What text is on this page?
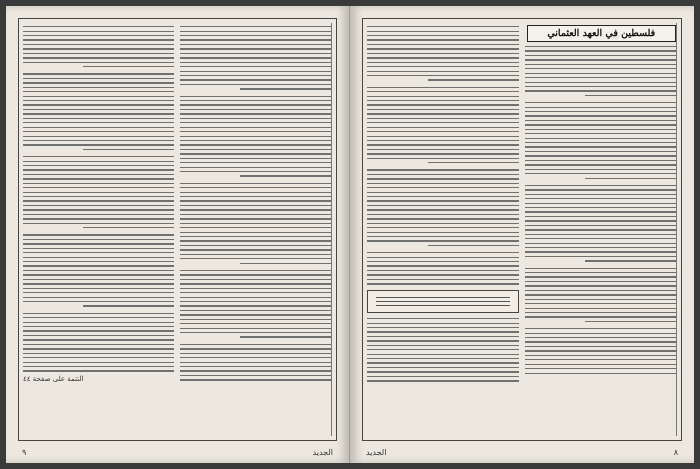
التتمة على صفحة ٤٤
الجديد
٩
فلسطين في العهد العثماني
٨
الجديد
